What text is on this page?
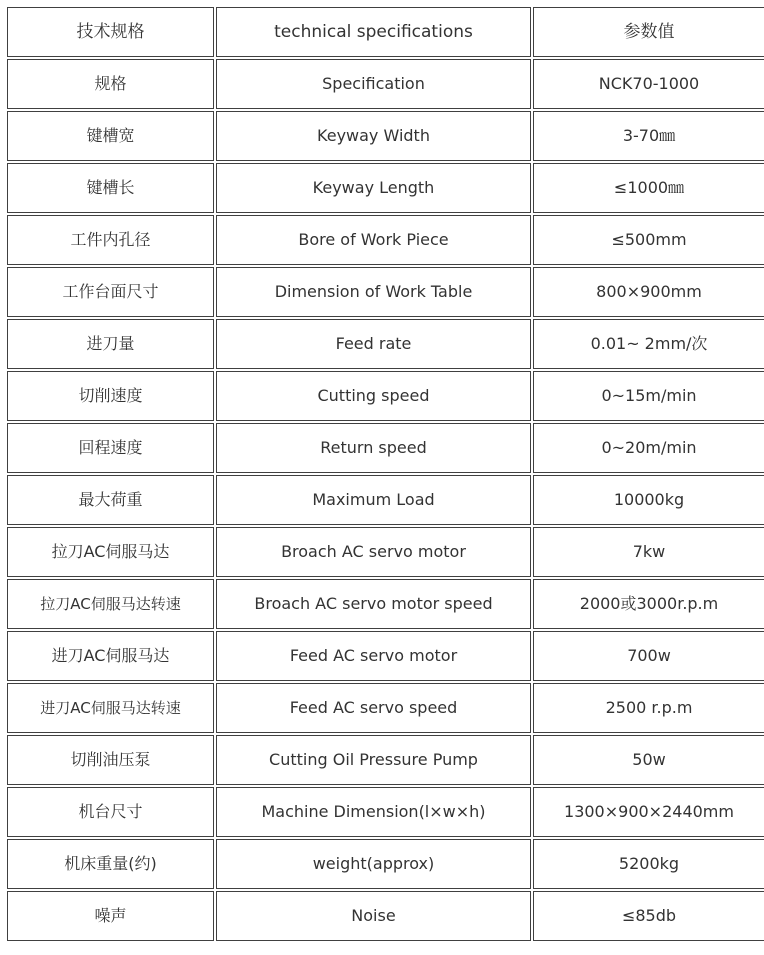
技术规格	technical specifications	参数值
规格	Specification	NCK70-1000
键槽宽	Keyway Width	3-70㎜
键槽长	Keyway Length	≤1000㎜
工件内孔径	Bore of Work Piece	≤500mm
工作台面尺寸	Dimension of Work Table	800×900mm
进刀量	Feed rate	0.01~ 2mm/次
切削速度	Cutting speed	0~15m/min
回程速度	Return speed	0~20m/min
最大荷重	Maximum Load	10000kg
拉刀AC伺服马达	Broach AC servo motor	7kw
拉刀AC伺服马达转速	Broach AC servo motor speed	2000或3000r.p.m
进刀AC伺服马达	Feed AC servo motor	700w
进刀AC伺服马达转速	Feed AC servo speed	2500 r.p.m
切削油压泵	Cutting Oil Pressure Pump	50w
机台尺寸	Machine Dimension(l×w×h)	1300×900×2440mm
机床重量(约)	weight(approx)	5200kg
噪声	Noise	≤85db
